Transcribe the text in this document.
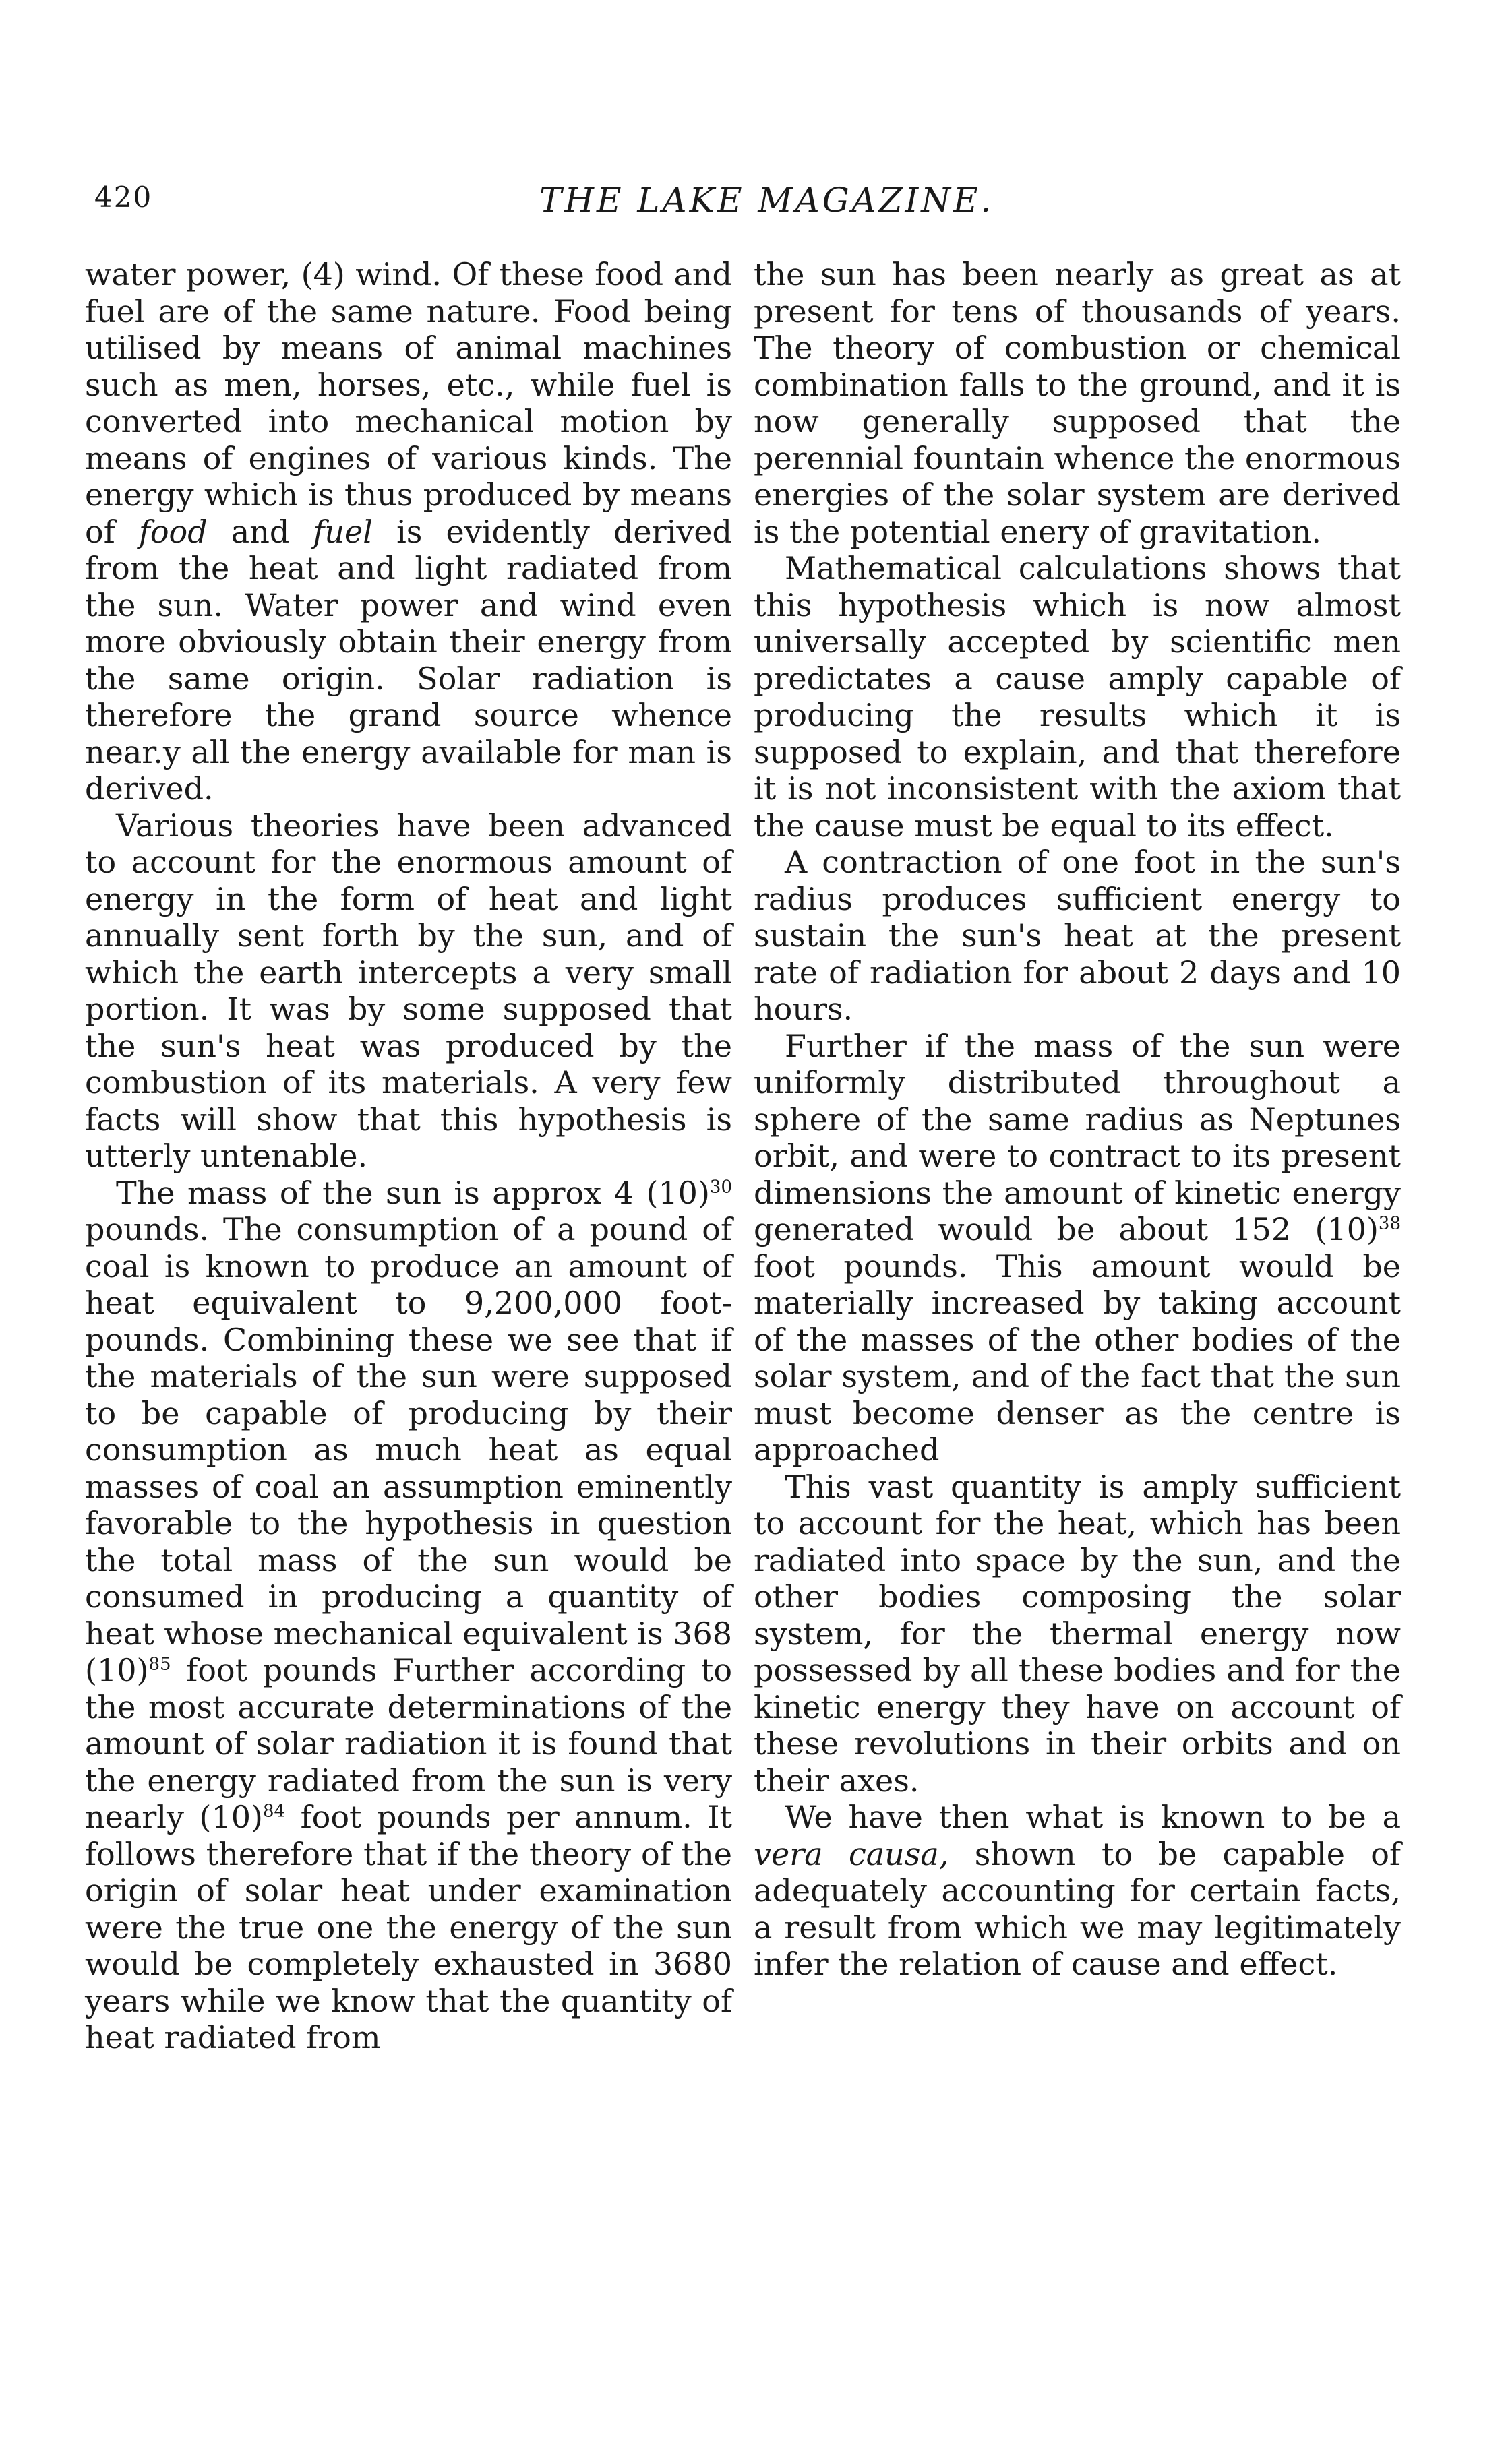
420	THE LAKE MAGAZINE.

water power, (4) wind. Of these food and fuel are of the same nature. Food being utilised by means of animal machines such as men, horses, etc., while fuel is converted into mechanical motion by means of engines of various kinds. The energy which is thus produced by means of food and fuel is evidently derived from the heat and light radiated from the sun. Water power and wind even more obviously obtain their energy from the same origin. Solar radiation is therefore the grand source whence near.y all the energy available for man is derived.

Various theories have been advanced to account for the enormous amount of energy in the form of heat and light annually sent forth by the sun, and of which the earth intercepts a very small portion. It was by some supposed that the sun's heat was produced by the combustion of its materials. A very few facts will show that this hypothesis is utterly untenable.

The mass of the sun is approx 4 $(10)^{30}$ pounds. The consumption of a pound of coal is known to produce an amount of heat equivalent to 9,200,000 foot-pounds. Combining these we see that if the materials of the sun were supposed to be capable of producing by their consumption as much heat as equal masses of coal an assumption eminently favorable to the hypothesis in question the total mass of the sun would be consumed in producing a quantity of heat whose mechanical equivalent is 368 $(10)^{85}$ foot pounds Further according to the most accurate determinations of the amount of solar radiation it is found that the energy radiated from the sun is very nearly $(10)^{84}$ foot pounds per annum. It follows therefore that if the theory of the origin of solar heat under examination were the true one the energy of the sun would be completely exhausted in 3680 years while we know that the quantity of heat radiated from

the sun has been nearly as great as at present for tens of thousands of years. The theory of combustion or chemical combination falls to the ground, and it is now generally supposed that the perennial fountain whence the enormous energies of the solar system are derived is the potential enery of gravitation.

Mathematical calculations shows that this hypothesis which is now almost universally accepted by scientific men predictates a cause amply capable of producing the results which it is supposed to explain, and that therefore it is not inconsistent with the axiom that the cause must be equal to its effect.

A contraction of one foot in the sun's radius produces sufficient energy to sustain the sun's heat at the present rate of radiation for about 2 days and 10 hours.

Further if the mass of the sun were uniformly distributed throughout a sphere of the same radius as Neptunes orbit, and were to contract to its present dimensions the amount of kinetic energy generated would be about 152 $(10)^{38}$ foot pounds. This amount would be materially increased by taking account of the masses of the other bodies of the solar system, and of the fact that the sun must become denser as the centre is approached

This vast quantity is amply sufficient to account for the heat, which has been radiated into space by the sun, and the other bodies composing the solar system, for the thermal energy now possessed by all these bodies and for the kinetic energy they have on account of these revolutions in their orbits and on their axes.

We have then what is known to be a vera causa, shown to be capable of adequately accounting for certain facts, a result from which we may legitimately infer the relation of cause and effect.
